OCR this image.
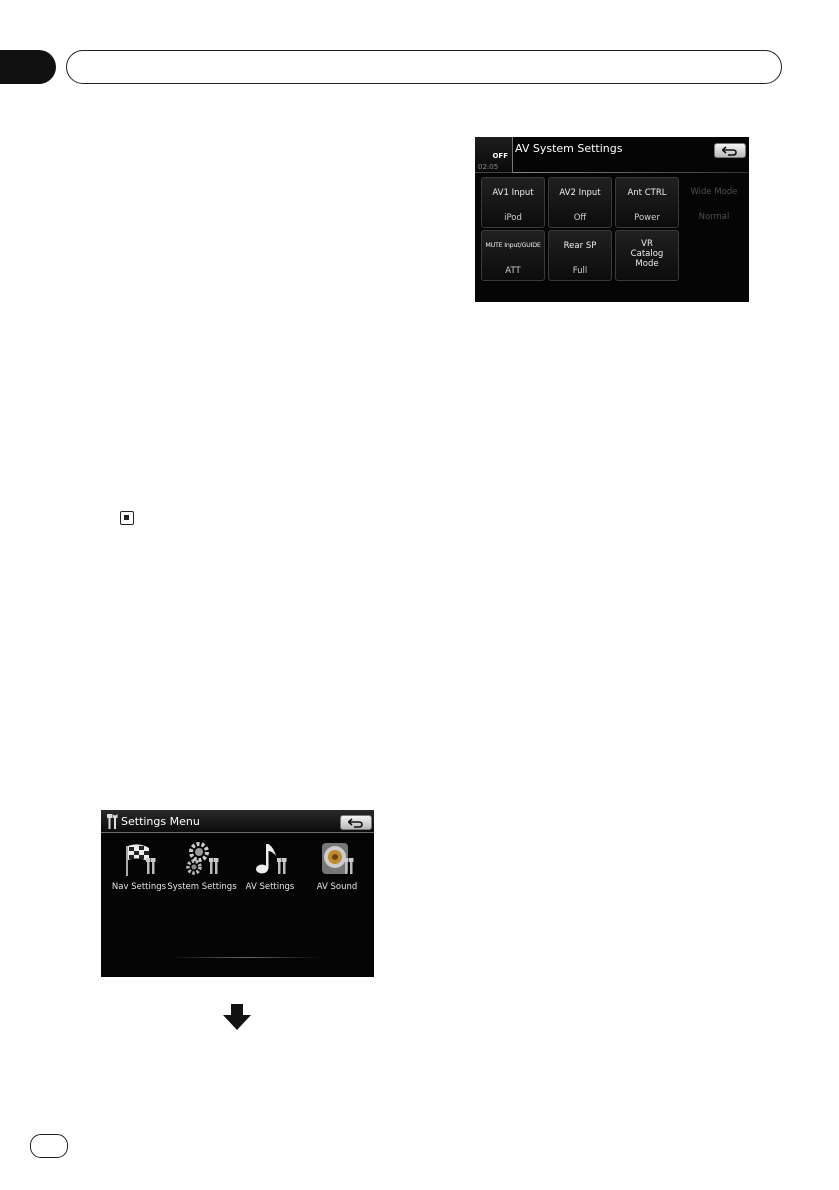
OFF
02:05
AV System Settings
AV1 Input
iPod
AV2 Input
Off
Ant CTRL
Power
Wide Mode
Normal
MUTE Input/GUIDE
ATT
Rear SP
Full
VR Catalog Mode
Settings Menu
Nav Settings System Settings	AV Settings	AV Sound
